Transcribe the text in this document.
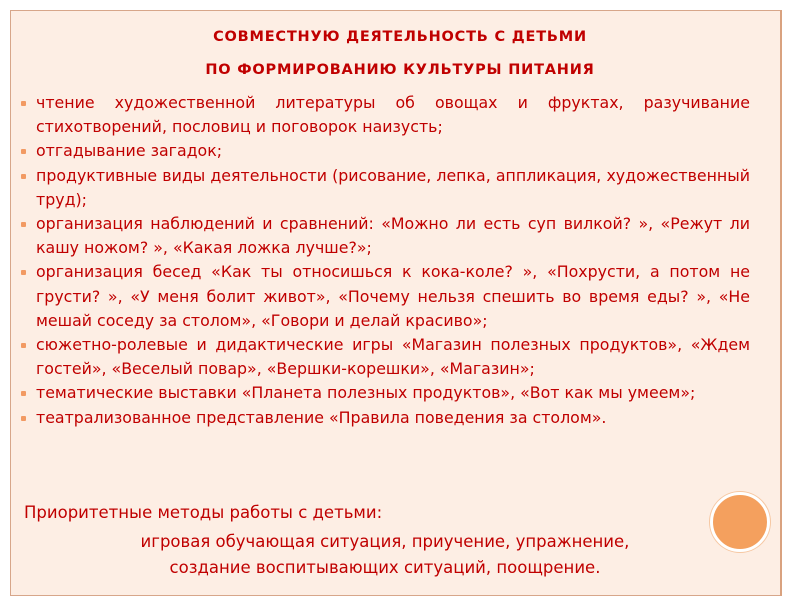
СОВМЕСТНУЮ ДЕЯТЕЛЬНОСТЬ С ДЕТЬМИ
ПО ФОРМИРОВАНИЮ КУЛЬТУРЫ ПИТАНИЯ
чтение художественной литературы об овощах и фруктах, разучивание стихотворений, пословиц и поговорок наизусть;
отгадывание загадок;
продуктивные виды деятельности (рисование, лепка, аппликация, художественный труд);
организация наблюдений и сравнений: «Можно ли есть суп вилкой? », «Режут ли кашу ножом? », «Какая ложка лучше?»;
организация бесед «Как ты относишься к кока-коле? », «Похрусти, а потом не грусти? », «У меня болит живот», «Почему нельзя спешить во время еды? », «Не мешай соседу за столом», «Говори и делай красиво»;
сюжетно-ролевые и дидактические игры «Магазин полезных продуктов», «Ждем гостей», «Веселый повар», «Вершки-корешки», «Магазин»;
тематические выставки «Планета полезных продуктов», «Вот как мы умеем»;
театрализованное представление «Правила поведения за столом».
Приоритетные методы работы с детьми:
игровая обучающая ситуация, приучение, упражнение,
создание воспитывающих ситуаций, поощрение.
